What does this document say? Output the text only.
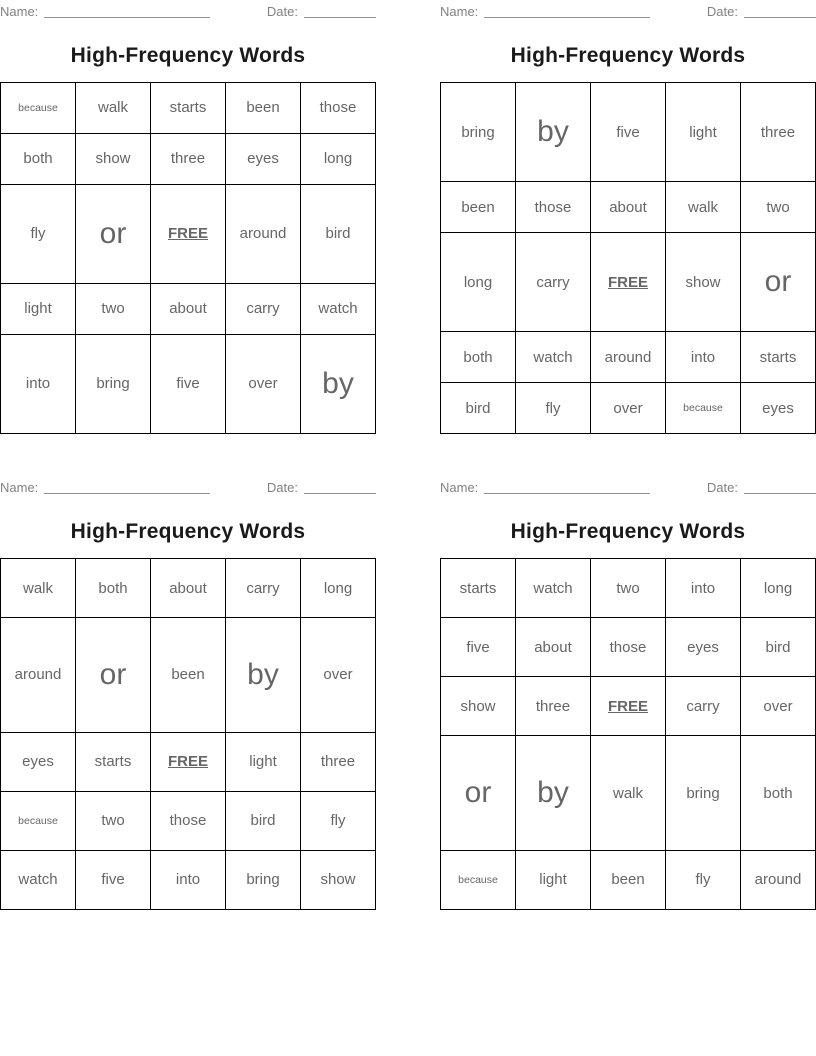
Name:	Date:
High-Frequency Words
because	walk	starts	been	those
both	show	three	eyes	long
fly	or	FREE	around	bird
light	two	about	carry	watch
into	bring	five	over	by
Name:	Date:
High-Frequency Words
bring	by	five	light	three
been	those	about	walk	two
long	carry	FREE	show	or
both	watch	around	into	starts
bird	fly	over	because	eyes
Name:	Date:
High-Frequency Words
walk	both	about	carry	long
around	or	been	by	over
eyes	starts	FREE	light	three
because	two	those	bird	fly
watch	five	into	bring	show
Name:	Date:
High-Frequency Words
starts	watch	two	into	long
five	about	those	eyes	bird
show	three	FREE	carry	over
or	by	walk	bring	both
because	light	been	fly	around
